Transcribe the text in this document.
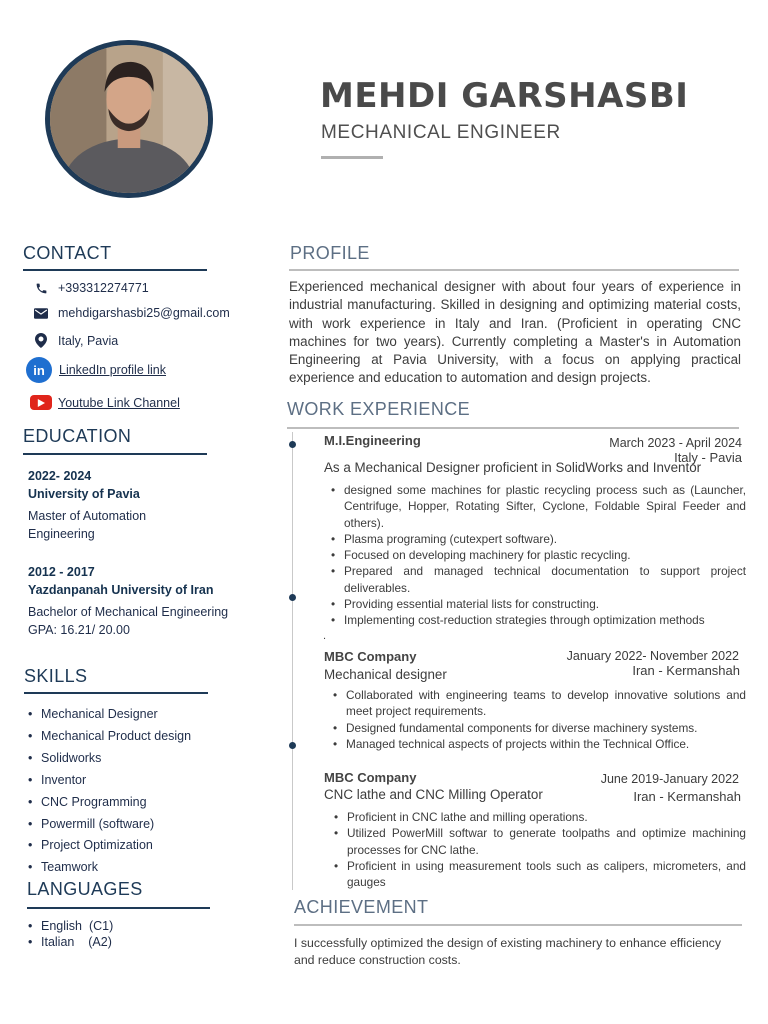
MEHDI GARSHASBI
MECHANICAL ENGINEER
CONTACT
+393312274771
mehdigarshasbi25@gmail.com
Italy, Pavia
in	LinkedIn profile link
Youtube Link Channel
EDUCATION
2022- 2024
University of Pavia
Master of Automation
Engineering
2012 - 2017
Yazdanpanah University of Iran
Bachelor of Mechanical Engineering
GPA: 16.21/ 20.00
SKILLS
• Mechanical Designer
• Mechanical Product design
• Solidworks
• Inventor
• CNC Programming
• Powermill (software)
• Project Optimization
• Teamwork
LANGUAGES
• English  (C1)
• Italian    (A2)
PROFILE
Experienced mechanical designer with about four years of experience in industrial manufacturing. Skilled in designing and optimizing material costs, with work experience in Italy and Iran. (Proficient in operating CNC machines for two years). Currently completing a Master's in Automation Engineering at Pavia University, with a focus on applying practical experience and education to automation and design projects.
WORK EXPERIENCE
M.I.Engineering	March 2023 - April 2024
Italy - Pavia
As a Mechanical Designer proficient in SolidWorks and Inventor
• designed some machines for plastic recycling process such as (Launcher, Centrifuge, Hopper, Rotating Sifter, Cyclone, Foldable Spiral Feeder and others).
• Plasma programing (cutexpert software).
• Focused on developing machinery for plastic recycling.
• Prepared and managed technical documentation to support project deliverables.
• Providing essential material lists for constructing.
• Implementing cost-reduction strategies through optimization methods
.
MBC Company	January 2022- November 2022
Iran - Kermanshah
Mechanical designer
• Collaborated with engineering teams to develop innovative solutions and meet project requirements.
• Designed fundamental components for diverse machinery systems.
• Managed technical aspects of projects within the Technical Office.
MBC Company	June 2019-January 2022
Iran - Kermanshah
CNC lathe and CNC Milling Operator
• Proficient in CNC lathe and milling operations.
• Utilized PowerMill softwar to generate toolpaths and optimize machining processes for CNC lathe.
• Proficient in using measurement tools such as calipers, micrometers, and gauges
ACHIEVEMENT
I successfully optimized the design of existing machinery to enhance efficiency and reduce construction costs.
